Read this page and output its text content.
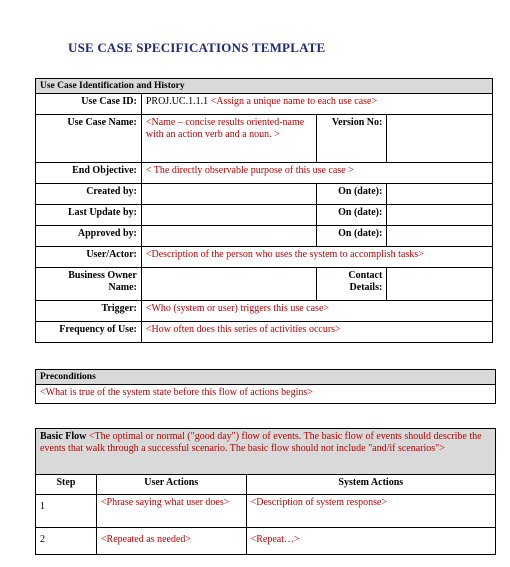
USE CASE SPECIFICATIONS TEMPLATE
Use Case Identification and History			
Use Case ID:	PROJ.UC.1.1.1 <Assign a unique name to each use case>		
Use Case Name:	<Name – concise results oriented-name with an action verb and a noun. >	Version No:	
End Objective:	< The directly observable purpose of this use case >		
Created by:		On (date):	
Last Update by:		On (date):	
Approved by:		On (date):	
User/Actor:	<Description of the person who uses the system to accomplish tasks>		
Business Owner Name:		Contact Details:	
Trigger:	<Who (system or user) triggers this use case>		
Frequency of Use:	<How often does this series of activities occurs>		
Preconditions
<What is true of the system state before this flow of actions begins>
Basic Flow <The optimal or normal ("good day") flow of events. The basic flow of events should describe the events that walk through a successful scenario. The basic flow should not include "and/if scenarios">		
Step	User Actions	System Actions
1	<Phrase saying what user does>	<Description of system response>
2	<Repeated as needed>	<Repeat…>
